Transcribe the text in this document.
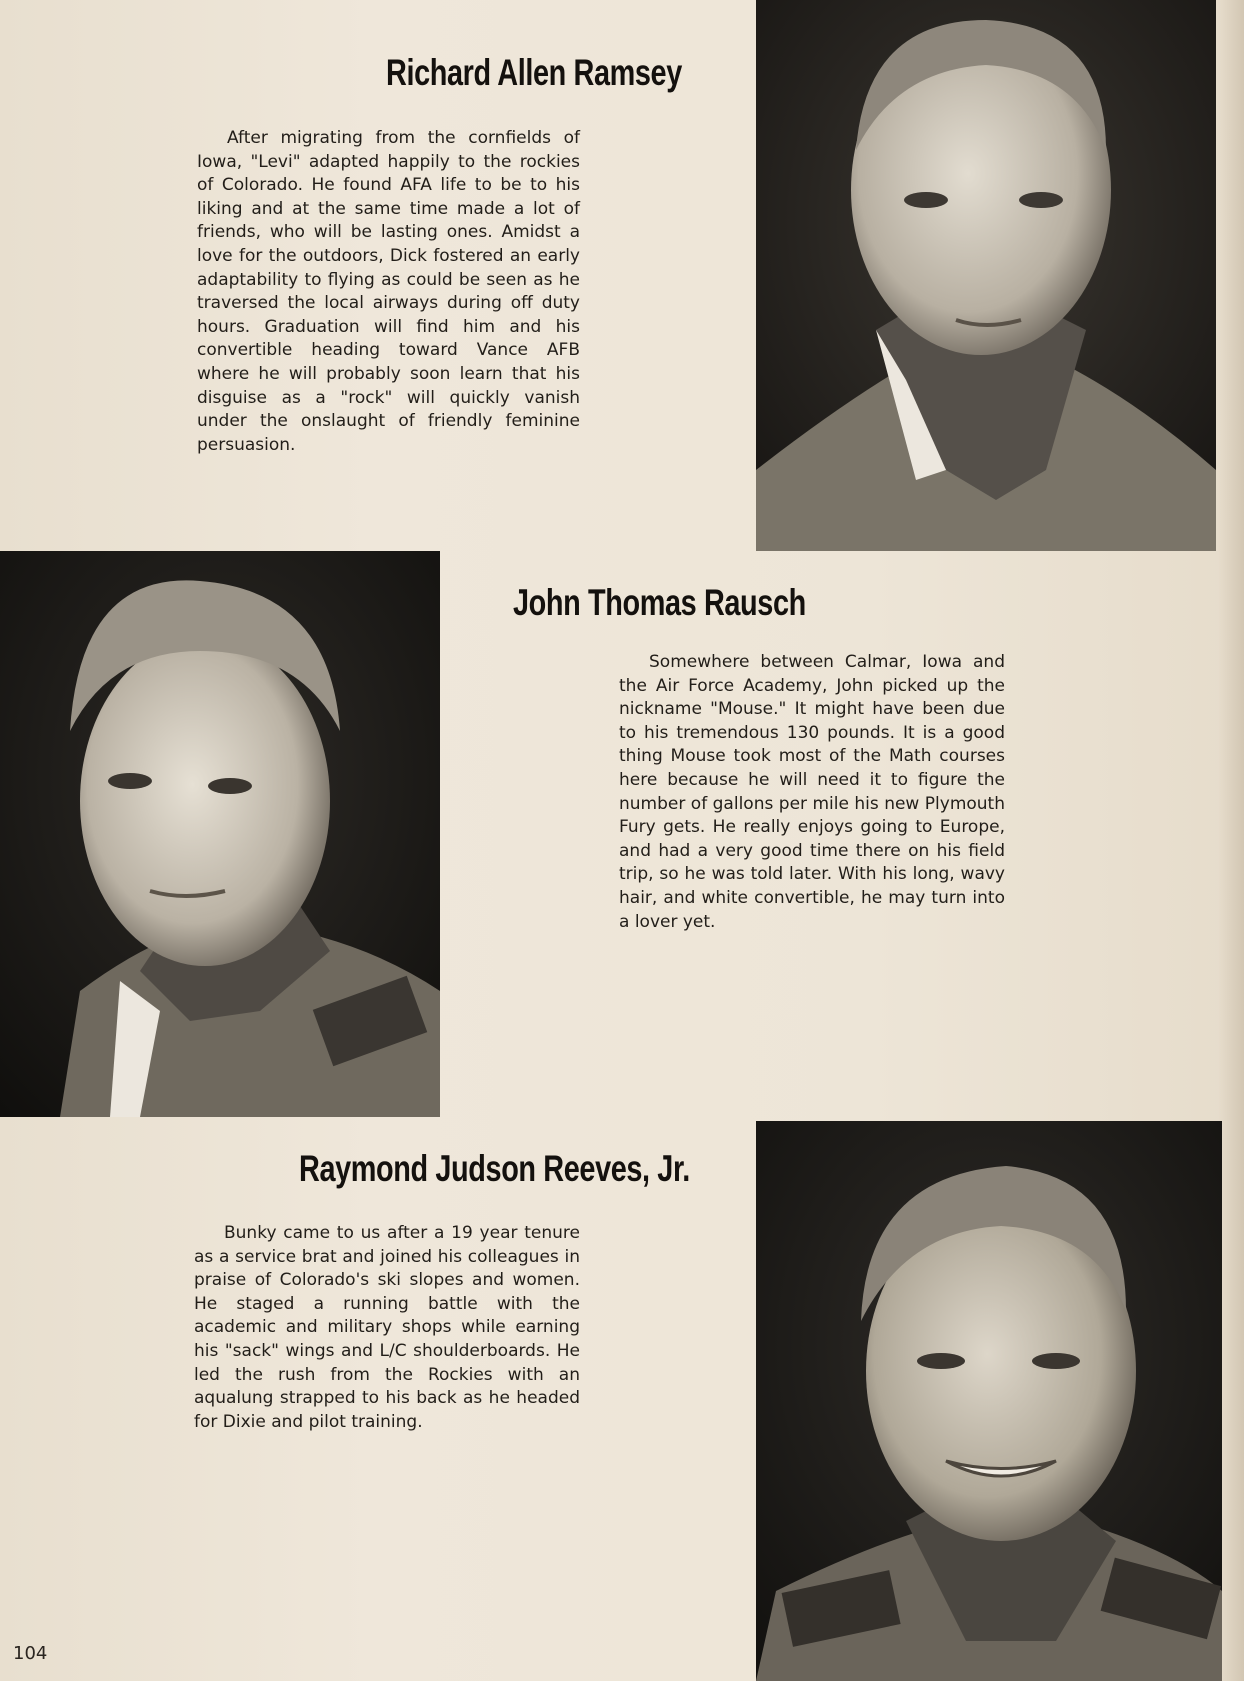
Richard Allen Ramsey

After migrating from the cornfields of Iowa, "Levi" adapted happily to the rockies of Colorado. He found AFA life to be to his liking and at the same time made a lot of friends, who will be lasting ones. Amidst a love for the outdoors, Dick fostered an early adaptability to flying as could be seen as he traversed the local airways during off duty hours. Graduation will find him and his convertible heading toward Vance AFB where he will probably soon learn that his disguise as a "rock" will quickly vanish under the onslaught of friendly feminine persuasion.

John Thomas Rausch

Somewhere between Calmar, Iowa and the Air Force Academy, John picked up the nickname "Mouse." It might have been due to his tremendous 130 pounds. It is a good thing Mouse took most of the Math courses here because he will need it to figure the number of gallons per mile his new Plymouth Fury gets. He really enjoys going to Europe, and had a very good time there on his field trip, so he was told later. With his long, wavy hair, and white convertible, he may turn into a lover yet.

Raymond Judson Reeves, Jr.

Bunky came to us after a 19 year tenure as a service brat and joined his colleagues in praise of Colorado's ski slopes and women. He staged a running battle with the academic and military shops while earning his "sack" wings and L/C shoulderboards. He led the rush from the Rockies with an aqualung strapped to his back as he headed for Dixie and pilot training.

104
